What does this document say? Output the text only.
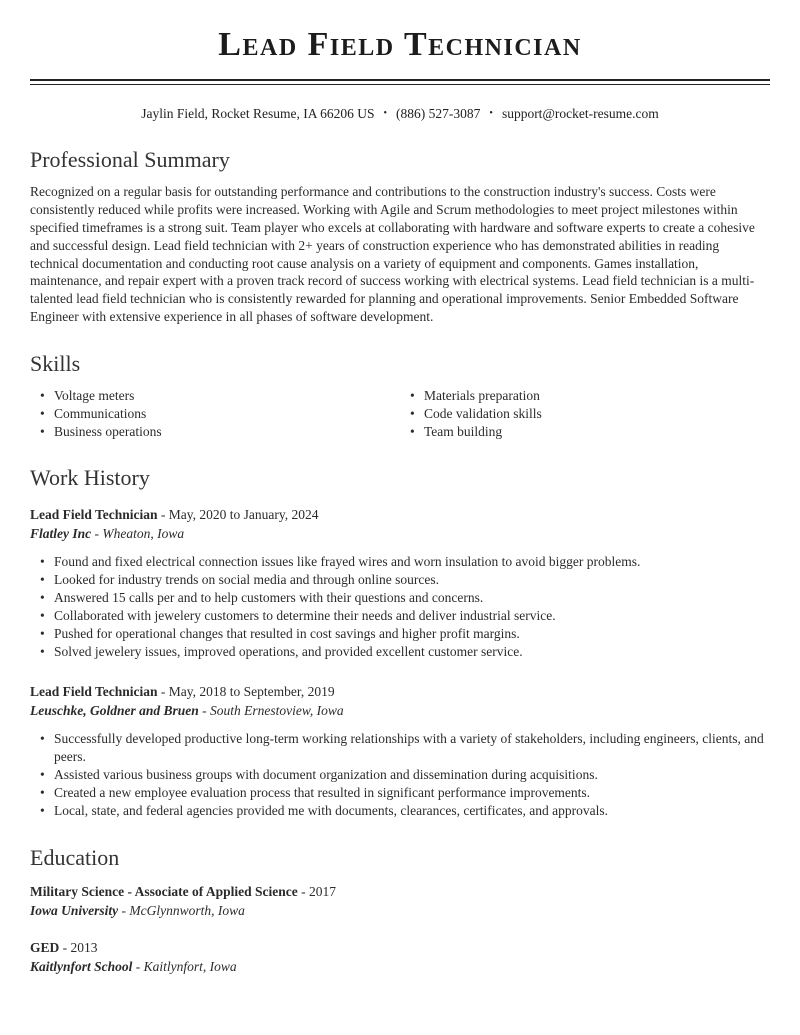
Lead Field Technician

Jaylin Field, Rocket Resume, IA 66206 US • (886) 527-3087 • support@rocket-resume.com

Professional Summary

Recognized on a regular basis for outstanding performance and contributions to the construction industry's success. Costs were consistently reduced while profits were increased. Working with Agile and Scrum methodologies to meet project milestones within specified timeframes is a strong suit. Team player who excels at collaborating with hardware and software experts to create a cohesive and successful design. Lead field technician with 2+ years of construction experience who has demonstrated abilities in reading technical documentation and conducting root cause analysis on a variety of equipment and components. Games installation, maintenance, and repair expert with a proven track record of success working with electrical systems. Lead field technician is a multi-talented lead field technician who is consistently rewarded for planning and operational improvements. Senior Embedded Software Engineer with extensive experience in all phases of software development.

Skills
• Voltage meters
• Communications
• Business operations
• Materials preparation
• Code validation skills
• Team building
Work History

Lead Field Technician - May, 2020 to January, 2024

Flatley Inc - Wheaton, Iowa

• Found and fixed electrical connection issues like frayed wires and worn insulation to avoid bigger problems.
• Looked for industry trends on social media and through online sources.
• Answered 15 calls per and to help customers with their questions and concerns.
• Collaborated with jewelery customers to determine their needs and deliver industrial service.
• Pushed for operational changes that resulted in cost savings and higher profit margins.
• Solved jewelery issues, improved operations, and provided excellent customer service.

Lead Field Technician - May, 2018 to September, 2019

Leuschke, Goldner and Bruen - South Ernestoview, Iowa

• Successfully developed productive long-term working relationships with a variety of stakeholders, including engineers, clients, and peers.
• Assisted various business groups with document organization and dissemination during acquisitions.
• Created a new employee evaluation process that resulted in significant performance improvements.
• Local, state, and federal agencies provided me with documents, clearances, certificates, and approvals.
Education

Military Science - Associate of Applied Science - 2017

Iowa University - McGlynnworth, Iowa

GED - 2013

Kaitlynfort School - Kaitlynfort, Iowa
